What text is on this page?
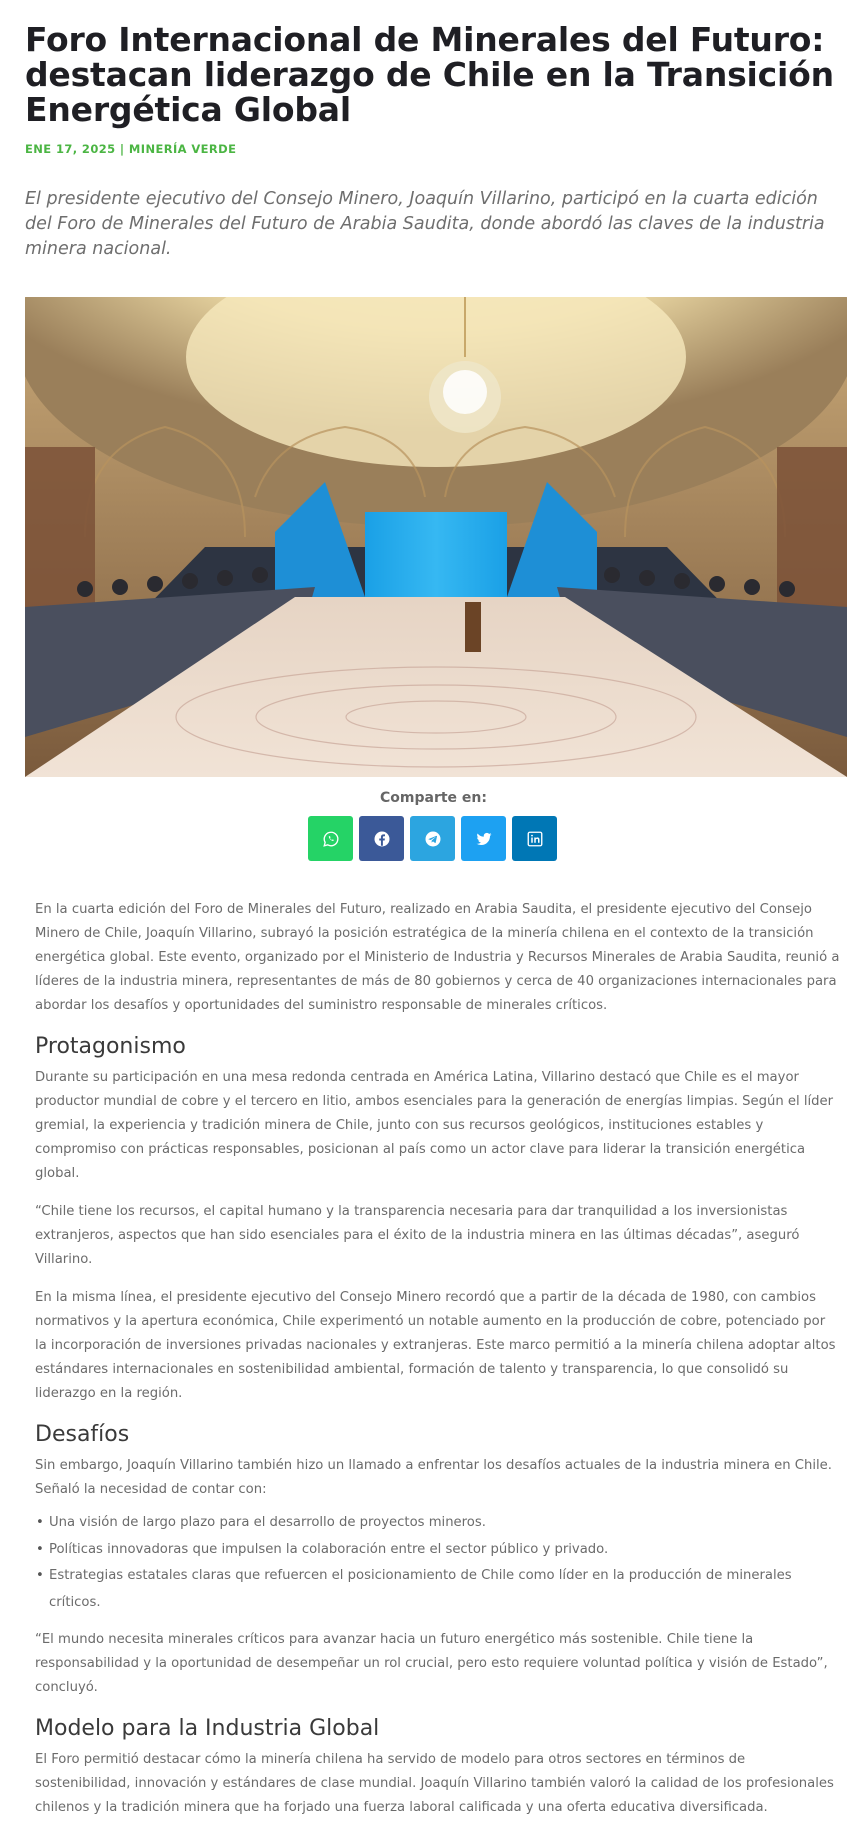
Foro Internacional de Minerales del Futuro: destacan liderazgo de Chile en la Transición Energética Global

ENE 17, 2025 | MINERÍA VERDE

El presidente ejecutivo del Consejo Minero, Joaquín Villarino, participó en la cuarta edición del Foro de Minerales del Futuro de Arabia Saudita, donde abordó las claves de la industria minera nacional.

Comparte en:

En la cuarta edición del Foro de Minerales del Futuro, realizado en Arabia Saudita, el presidente ejecutivo del Consejo Minero de Chile, Joaquín Villarino, subrayó la posición estratégica de la minería chilena en el contexto de la transición energética global. Este evento, organizado por el Ministerio de Industria y Recursos Minerales de Arabia Saudita, reunió a líderes de la industria minera, representantes de más de 80 gobiernos y cerca de 40 organizaciones internacionales para abordar los desafíos y oportunidades del suministro responsable de minerales críticos.

Protagonismo

Durante su participación en una mesa redonda centrada en América Latina, Villarino destacó que Chile es el mayor productor mundial de cobre y el tercero en litio, ambos esenciales para la generación de energías limpias. Según el líder gremial, la experiencia y tradición minera de Chile, junto con sus recursos geológicos, instituciones estables y compromiso con prácticas responsables, posicionan al país como un actor clave para liderar la transición energética global.

“Chile tiene los recursos, el capital humano y la transparencia necesaria para dar tranquilidad a los inversionistas extranjeros, aspectos que han sido esenciales para el éxito de la industria minera en las últimas décadas”, aseguró Villarino.

En la misma línea, el presidente ejecutivo del Consejo Minero recordó que a partir de la década de 1980, con cambios normativos y la apertura económica, Chile experimentó un notable aumento en la producción de cobre, potenciado por la incorporación de inversiones privadas nacionales y extranjeras. Este marco permitió a la minería chilena adoptar altos estándares internacionales en sostenibilidad ambiental, formación de talento y transparencia, lo que consolidó su liderazgo en la región.

Desafíos

Sin embargo, Joaquín Villarino también hizo un llamado a enfrentar los desafíos actuales de la industria minera en Chile. Señaló la necesidad de contar con:

• Una visión de largo plazo para el desarrollo de proyectos mineros.
• Políticas innovadoras que impulsen la colaboración entre el sector público y privado.
• Estrategias estatales claras que refuercen el posicionamiento de Chile como líder en la producción de minerales críticos.

“El mundo necesita minerales críticos para avanzar hacia un futuro energético más sostenible. Chile tiene la responsabilidad y la oportunidad de desempeñar un rol crucial, pero esto requiere voluntad política y visión de Estado”, concluyó.

Modelo para la Industria Global

El Foro permitió destacar cómo la minería chilena ha servido de modelo para otros sectores en términos de sostenibilidad, innovación y estándares de clase mundial. Joaquín Villarino también valoró la calidad de los profesionales chilenos y la tradición minera que ha forjado una fuerza laboral calificada y una oferta educativa diversificada.
